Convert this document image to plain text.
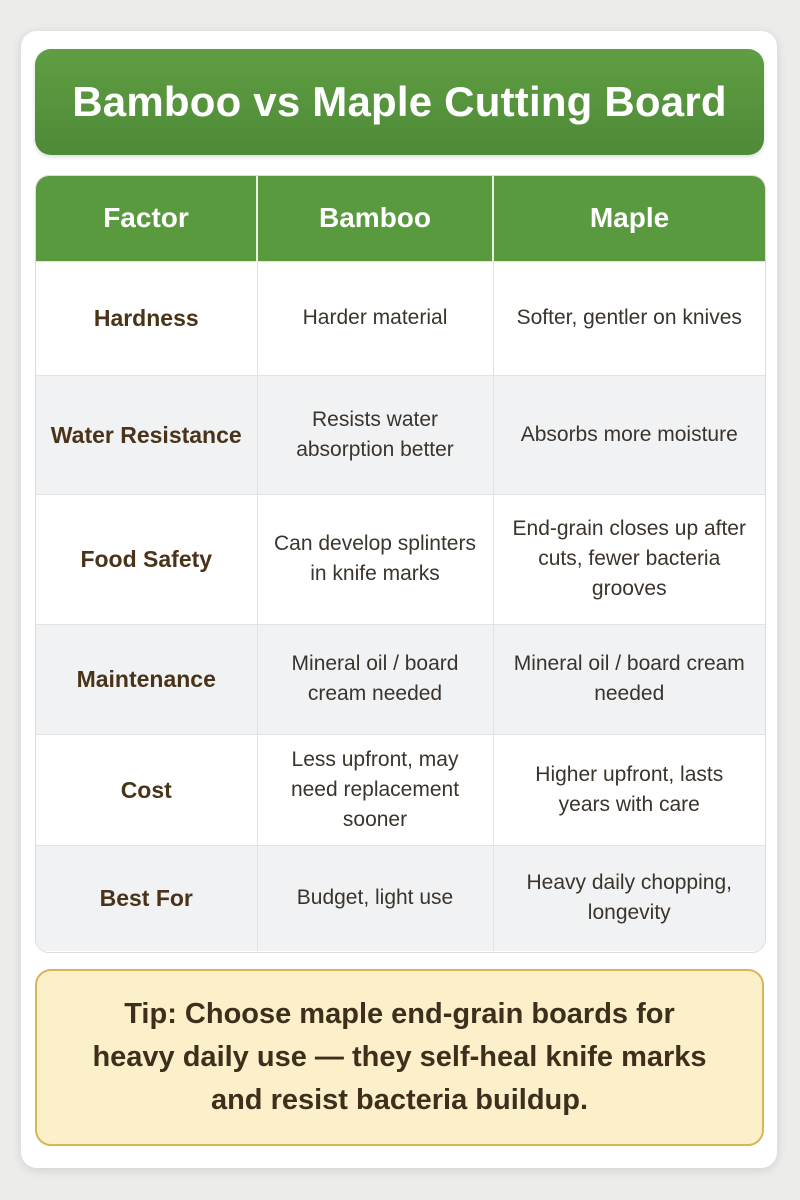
Bamboo vs Maple Cutting Board
Factor	Bamboo	Maple
Hardness	Harder material	Softer, gentler on knives
Water Resistance	Resists water absorption better	Absorbs more moisture
Food Safety	Can develop splinters in knife marks	End-grain closes up after cuts, fewer bacteria grooves
Maintenance	Mineral oil / board cream needed	Mineral oil / board cream needed
Cost	Less upfront, may need replacement sooner	Higher upfront, lasts years with care
Best For	Budget, light use	Heavy daily chopping, longevity

Tip: Choose maple end-grain boards for heavy daily use — they self-heal knife marks and resist bacteria buildup.
